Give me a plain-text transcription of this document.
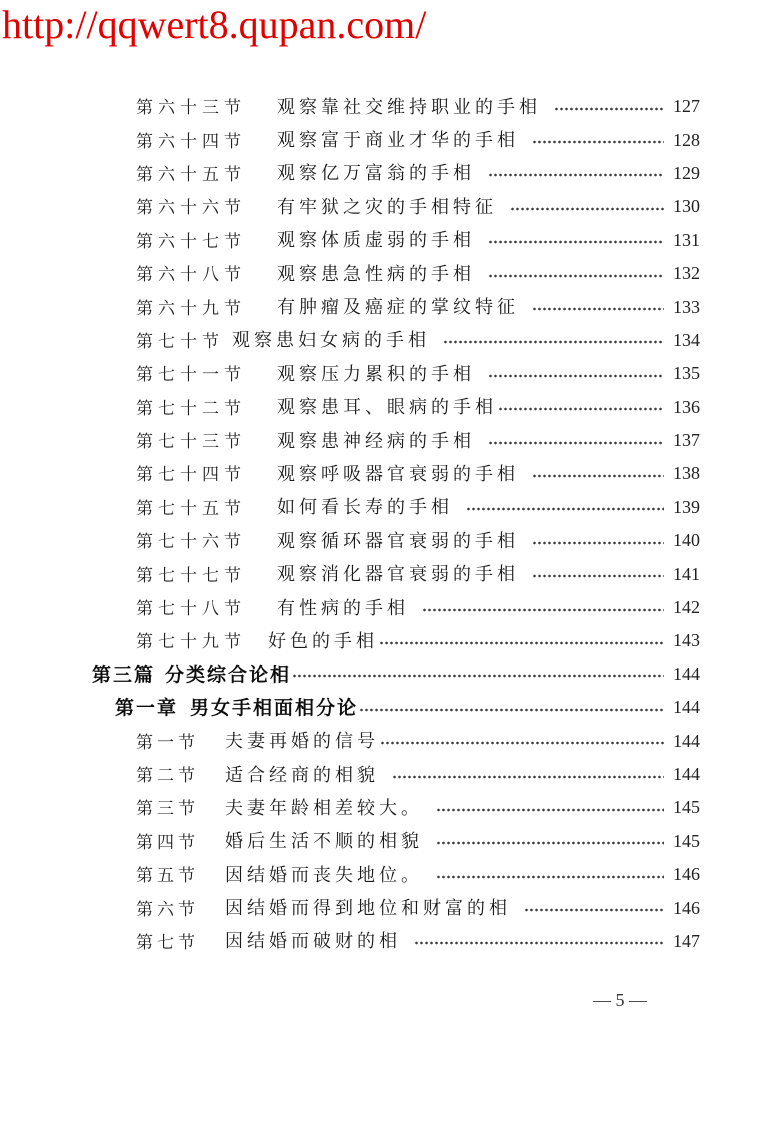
http://qqwert8.qupan.com/
第六十三节	观察靠社交维持职业的手相	127
第六十四节	观察富于商业才华的手相	128
第六十五节	观察亿万富翁的手相	129
第六十六节	有牢狱之灾的手相特征	130
第六十七节	观察体质虚弱的手相	131
第六十八节	观察患急性病的手相	132
第六十九节	有肿瘤及癌症的掌纹特征	133
第七十节 观察患妇女病的手相	134
第七十一节	观察压力累积的手相	135
第七十二节	观察患耳、眼病的手相	136
第七十三节	观察患神经病的手相	137
第七十四节	观察呼吸器官衰弱的手相	138
第七十五节	如何看长寿的手相	139
第七十六节	观察循环器官衰弱的手相	140
第七十七节	观察消化器官衰弱的手相	141
第七十八节	有性病的手相	142
第七十九节	好色的手相	143
第三篇 分类综合论相	144
第一章 男女手相面相分论	144
第一节	夫妻再婚的信号	144
第二节	适合经商的相貌	144
第三节	夫妻年龄相差较大。	145
第四节	婚后生活不顺的相貌	145
第五节	因结婚而丧失地位。	146
第六节	因结婚而得到地位和财富的相	146
第七节	因结婚而破财的相	147
— 5 —
